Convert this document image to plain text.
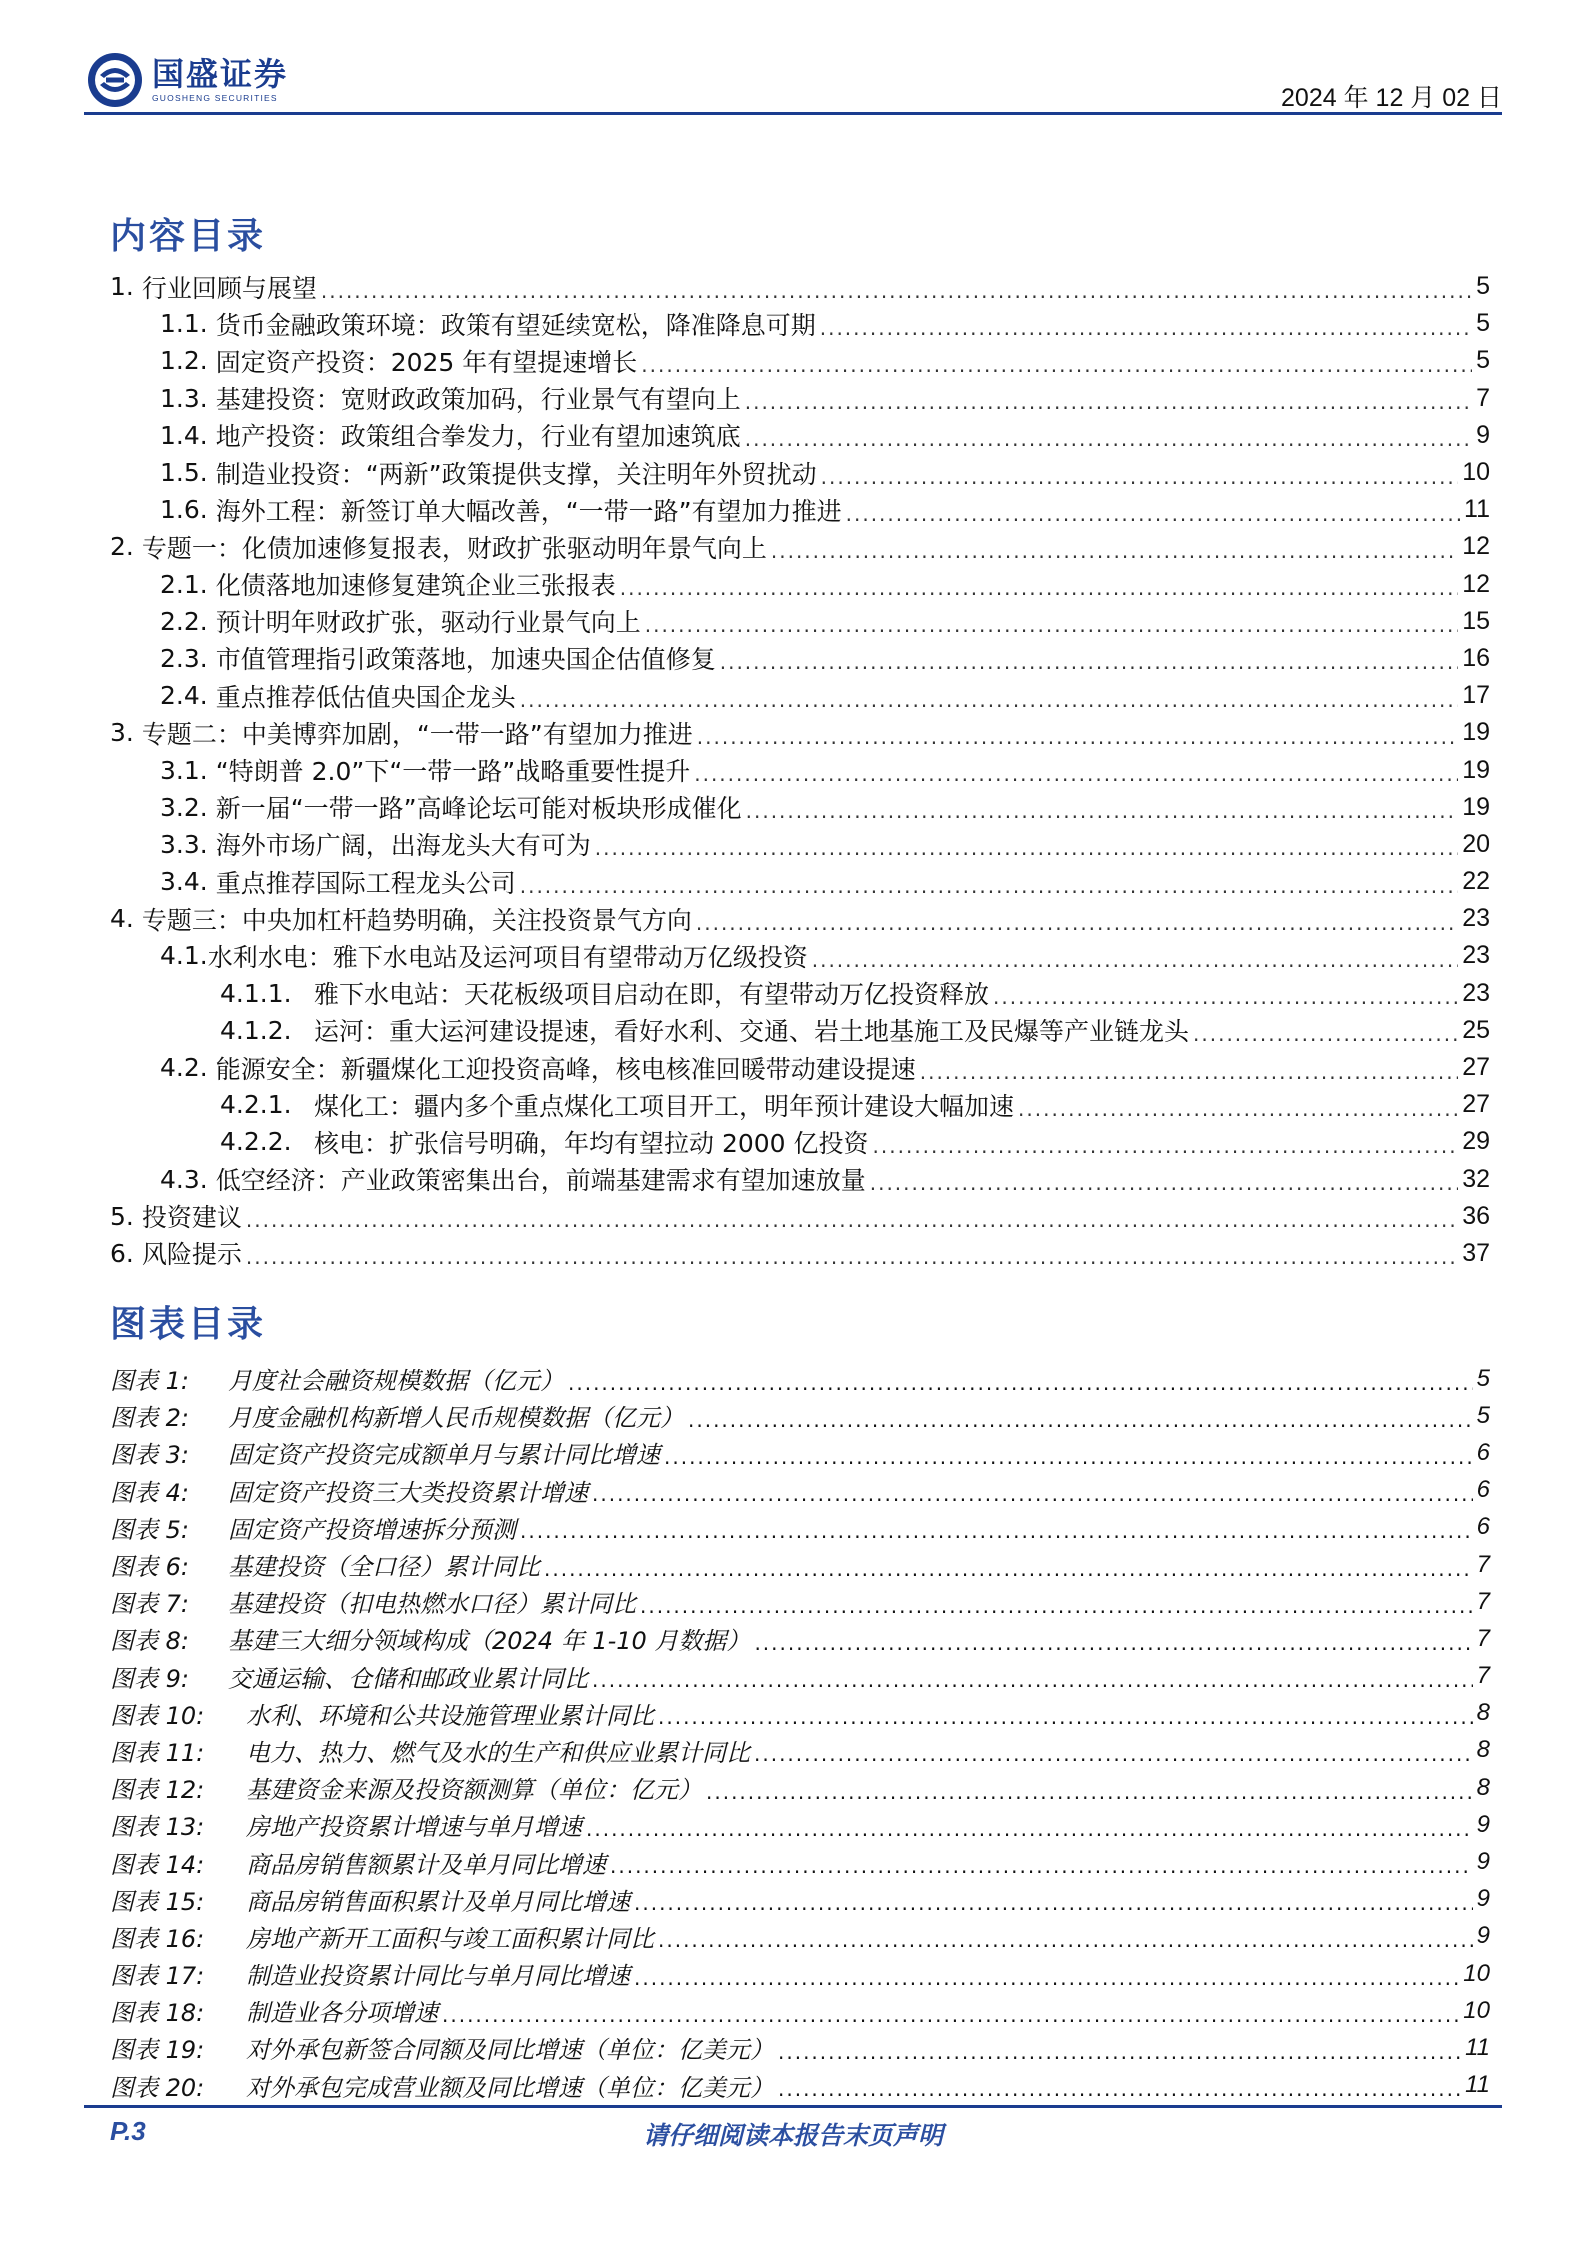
国盛证券
GUOSHENG SECURITIES	2024 年 12 月 02 日
内容目录
1. 行业回顾与展望 .....	5
1.1. 货币金融政策环境：政策有望延续宽松，降准降息可期 .....	5
1.2. 固定资产投资：2025 年有望提速增长 .....	5
1.3. 基建投资：宽财政政策加码，行业景气有望向上 .....	7
1.4. 地产投资：政策组合拳发力，行业有望加速筑底 .....	9
1.5. 制造业投资：“两新”政策提供支撑，关注明年外贸扰动 .....	10
1.6. 海外工程：新签订单大幅改善，“一带一路”有望加力推进 .....	11
2. 专题一：化债加速修复报表，财政扩张驱动明年景气向上 .....	12
2.1. 化债落地加速修复建筑企业三张报表 .....	12
2.2. 预计明年财政扩张，驱动行业景气向上 .....	15
2.3. 市值管理指引政策落地，加速央国企估值修复 .....	16
2.4. 重点推荐低估值央国企龙头 .....	17
3. 专题二：中美博弈加剧，“一带一路”有望加力推进 .....	19
3.1. “特朗普 2.0”下“一带一路”战略重要性提升 .....	19
3.2. 新一届“一带一路”高峰论坛可能对板块形成催化 .....	19
3.3. 海外市场广阔，出海龙头大有可为 .....	20
3.4. 重点推荐国际工程龙头公司 .....	22
4. 专题三：中央加杠杆趋势明确，关注投资景气方向 .....	23
4.1. 水利水电：雅下水电站及运河项目有望带动万亿级投资 .....	23
4.1.1. 雅下水电站：天花板级项目启动在即，有望带动万亿投资释放 .....	23
4.1.2. 运河：重大运河建设提速，看好水利、交通、岩土地基施工及民爆等产业链龙头 .....	25
4.2. 能源安全：新疆煤化工迎投资高峰，核电核准回暖带动建设提速 .....	27
4.2.1. 煤化工：疆内多个重点煤化工项目开工，明年预计建设大幅加速 .....	27
4.2.2. 核电：扩张信号明确，年均有望拉动 2000 亿投资 .....	29
4.3. 低空经济：产业政策密集出台，前端基建需求有望加速放量 .....	32
5. 投资建议 .....	36
6. 风险提示 .....	37
图表目录
图表 1:	月度社会融资规模数据（亿元） .....	5
图表 2:	月度金融机构新增人民币规模数据（亿元） .....	5
图表 3:	固定资产投资完成额单月与累计同比增速 .....	6
图表 4:	固定资产投资三大类投资累计增速 .....	6
图表 5:	固定资产投资增速拆分预测 .....	6
图表 6:	基建投资（全口径）累计同比 .....	7
图表 7:	基建投资（扣电热燃水口径）累计同比 .....	7
图表 8:	基建三大细分领域构成（2024 年 1-10 月数据） .....	7
图表 9:	交通运输、仓储和邮政业累计同比 .....	7
图表 10:	水利、环境和公共设施管理业累计同比 .....	8
图表 11:	电力、热力、燃气及水的生产和供应业累计同比 .....	8
图表 12:	基建资金来源及投资额测算（单位：亿元） .....	8
图表 13:	房地产投资累计增速与单月增速 .....	9
图表 14:	商品房销售额累计及单月同比增速 .....	9
图表 15:	商品房销售面积累计及单月同比增速 .....	9
图表 16:	房地产新开工面积与竣工面积累计同比 .....	9
图表 17:	制造业投资累计同比与单月同比增速 .....	10
图表 18:	制造业各分项增速 .....	10
图表 19:	对外承包新签合同额及同比增速（单位：亿美元） .....	11
图表 20:	对外承包完成营业额及同比增速（单位：亿美元） .....	11
P.3	请仔细阅读本报告末页声明
